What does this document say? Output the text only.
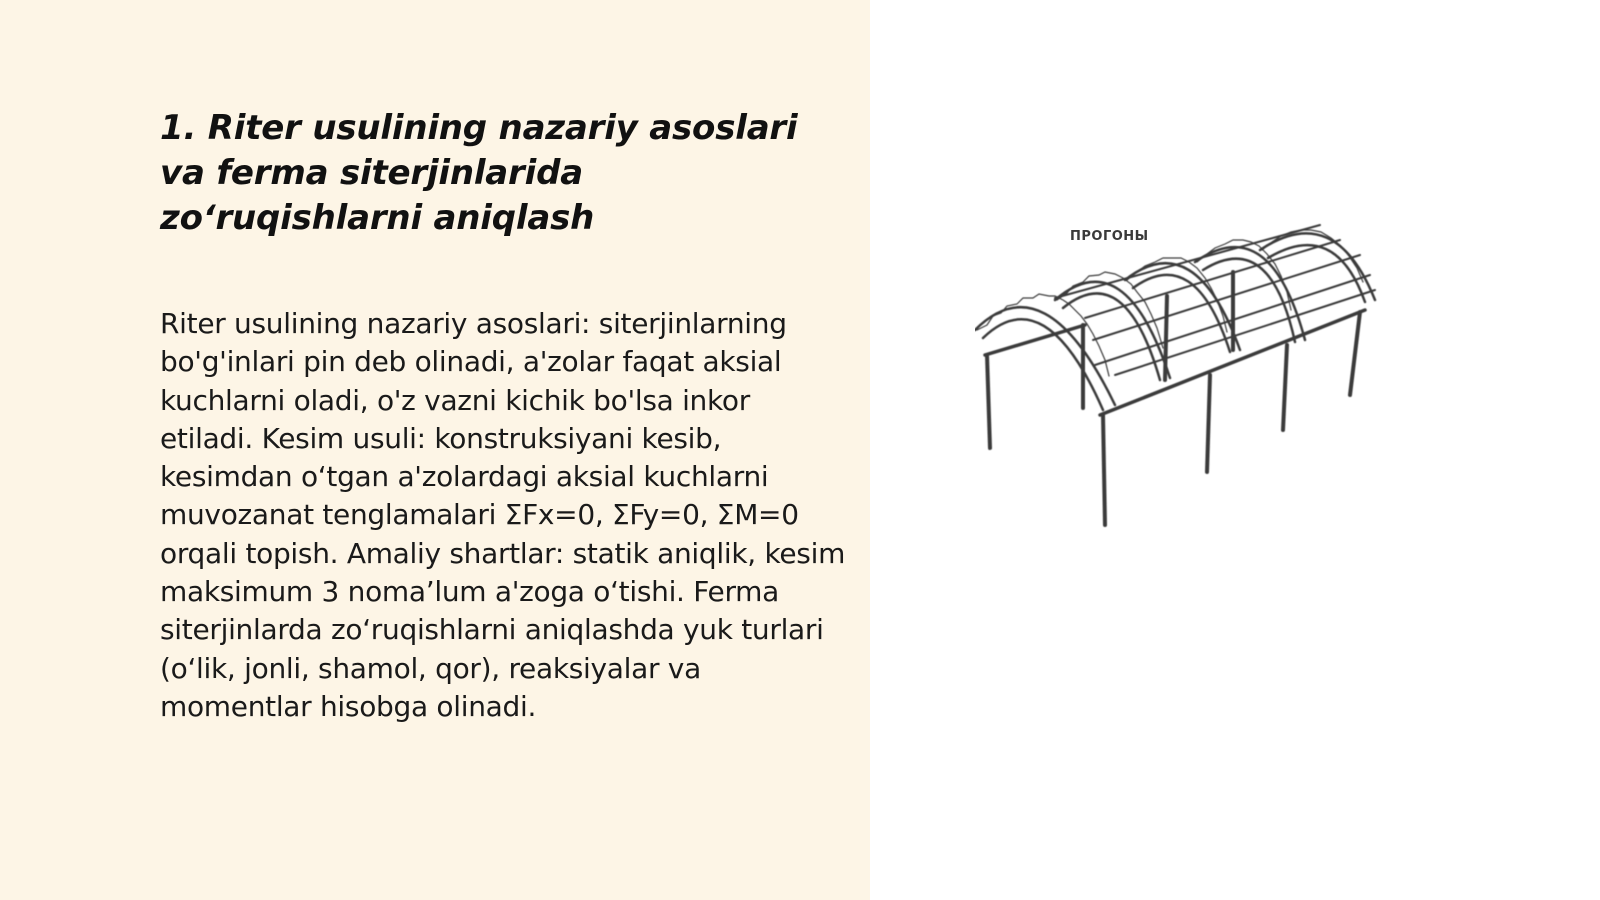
1. Riter usulining nazariy asoslari va ferma siterjinlarida zo‘ruqishlarni aniqlash

Riter usulining nazariy asoslari: siterjinlarning bo'g'inlari pin deb olinadi, a'zolar faqat aksial kuchlarni oladi, o'z vazni kichik bo'lsa inkor etiladi. Kesim usuli: konstruksiyani kesib, kesimdan o‘tgan a'zolardagi aksial kuchlarni muvozanat tenglamalari ΣFx=0, ΣFy=0, ΣM=0 orqali topish. Amaliy shartlar: statik aniqlik, kesim maksimum 3 noma’lum a'zoga o‘tishi. Ferma siterjinlarda zo‘ruqishlarni aniqlashda yuk turlari (o‘lik, jonli, shamol, qor), reaksiyalar va momentlar hisobga olinadi.

ПРОГОНЫ
